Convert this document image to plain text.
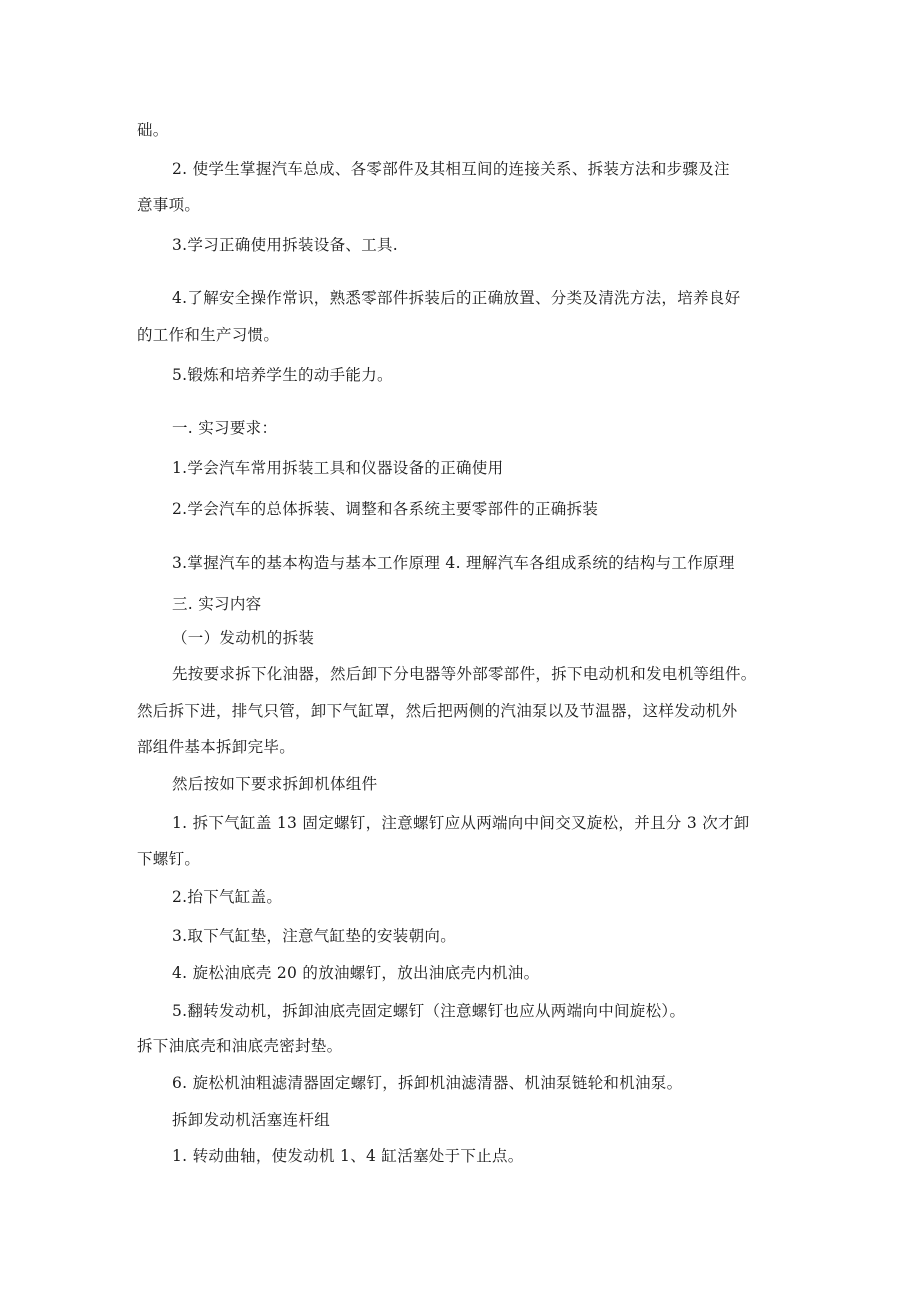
础。
2. 使学生掌握汽车总成、各零部件及其相互间的连接关系、拆装方法和步骤及注
意事项。
3.学习正确使用拆装设备、工具.
4.了解安全操作常识，熟悉零部件拆装后的正确放置、分类及清洗方法，培养良好
的工作和生产习惯。
5.锻炼和培养学生的动手能力。
一. 实习要求：
1.学会汽车常用拆装工具和仪器设备的正确使用
2.学会汽车的总体拆装、调整和各系统主要零部件的正确拆装
3.掌握汽车的基本构造与基本工作原理 4. 理解汽车各组成系统的结构与工作原理
三. 实习内容
（一）发动机的拆装
先按要求拆下化油器，然后卸下分电器等外部零部件，拆下电动机和发电机等组件。
然后拆下进，排气只管，卸下气缸罩，然后把两侧的汽油泵以及节温器，这样发动机外
部组件基本拆卸完毕。
然后按如下要求拆卸机体组件
1. 拆下气缸盖 13 固定螺钉，注意螺钉应从两端向中间交叉旋松，并且分 3 次才卸
下螺钉。
2.抬下气缸盖。
3.取下气缸垫，注意气缸垫的安装朝向。
4. 旋松油底壳 20 的放油螺钉，放出油底壳内机油。
5.翻转发动机，拆卸油底壳固定螺钉（注意螺钉也应从两端向中间旋松）。
拆下油底壳和油底壳密封垫。
6. 旋松机油粗滤清器固定螺钉，拆卸机油滤清器、机油泵链轮和机油泵。
拆卸发动机活塞连杆组
1. 转动曲轴，使发动机 1、4 缸活塞处于下止点。
